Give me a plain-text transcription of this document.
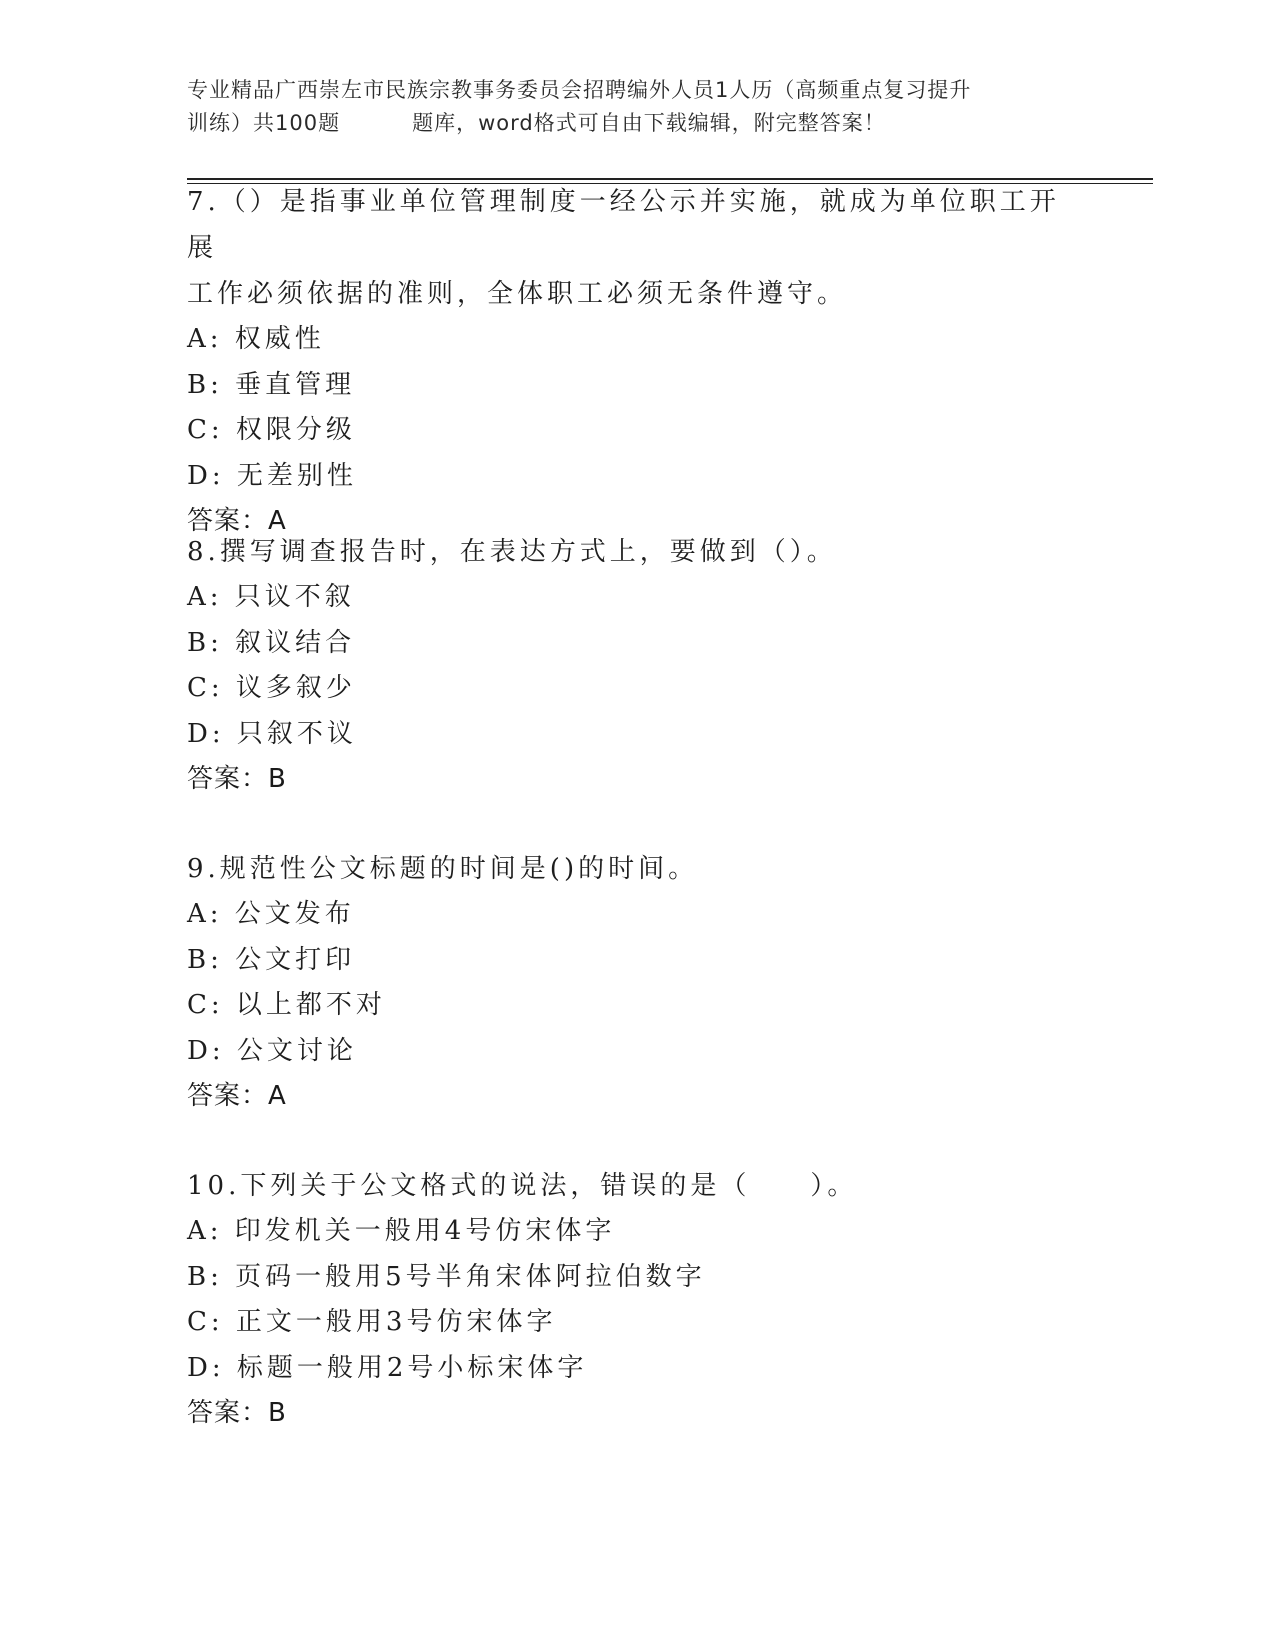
专业精品广西崇左市民族宗教事务委员会招聘编外人员1人历（高频重点复习提升
训练）共100题	题库，word格式可自由下载编辑，附完整答案！

7.（）是指事业单位管理制度一经公示并实施，就成为单位职工开展
工作必须依据的准则，全体职工必须无条件遵守。

A: 权威性

B: 垂直管理

C: 权限分级

D: 无差别性

答案：A

8.撰写调查报告时，在表达方式上，要做到（）。

A: 只议不叙

B: 叙议结合

C: 议多叙少

D: 只叙不议

答案：B

9.规范性公文标题的时间是()的时间。

A: 公文发布

B: 公文打印

C: 以上都不对

D: 公文讨论

答案：A

10.下列关于公文格式的说法，错误的是（　　）。

A: 印发机关一般用4号仿宋体字

B: 页码一般用5号半角宋体阿拉伯数字

C: 正文一般用3号仿宋体字

D: 标题一般用2号小标宋体字

答案：B
